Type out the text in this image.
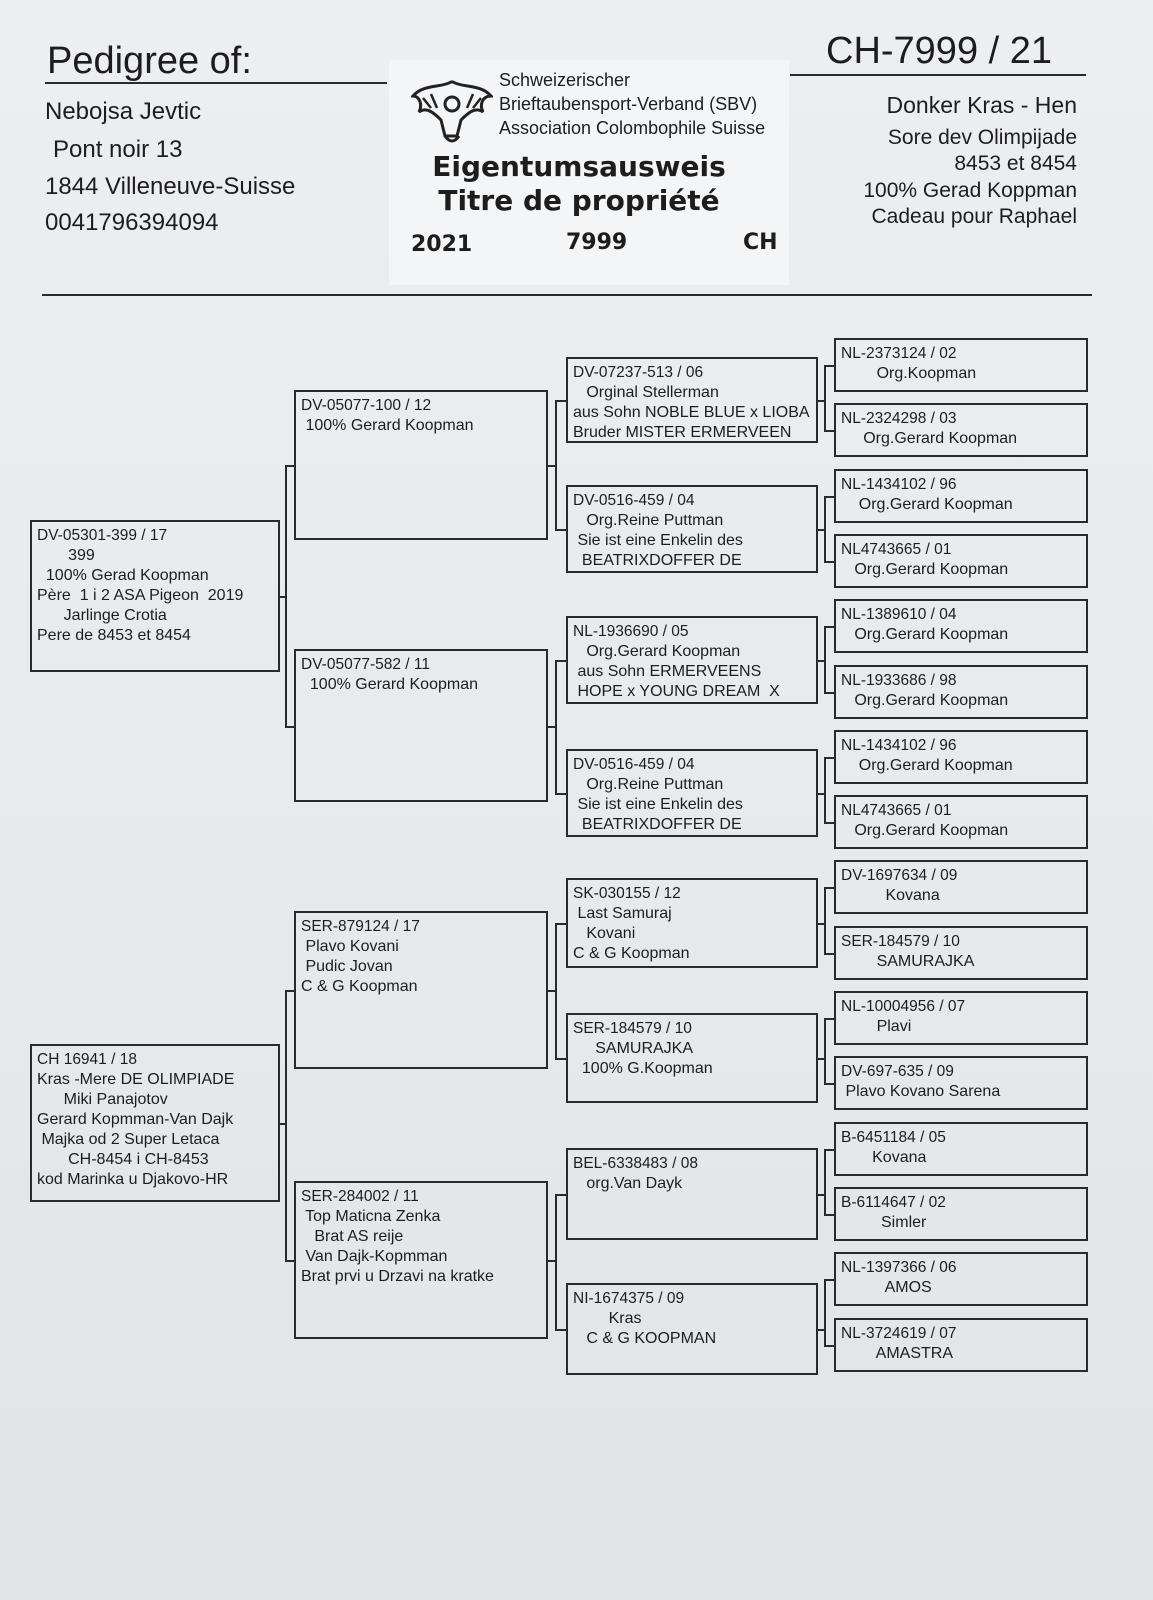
Pedigree of:
Nebojsa Jevtic
Pont noir 13
1844 Villeneuve-Suisse
0041796394094
CH-7999 / 21
Donker Kras - Hen
Sore dev Olimpijade
8453 et 8454
100% Gerad Koppman
Cadeau pour Raphael
Schweizerischer
Brieftaubensport-Verband (SBV)
Association Colombophile Suisse
Eigentumsausweis
Titre de propriété
2021	7999	CH
DV-05301-399 / 17
399
100% Gerad Koopman
Père  1 i 2 ASA Pigeon  2019
Jarlinge Crotia
Pere de 8453 et 8454
CH 16941 / 18
Kras -Mere DE OLIMPIADE
Miki Panajotov
Gerard Kopmman-Van Dajk
Majka od 2 Super Letaca
CH-8454 i CH-8453
kod Marinka u Djakovo-HR
DV-05077-100 / 12
100% Gerard Koopman
DV-05077-582 / 11
100% Gerard Koopman
SER-879124 / 17
Plavo Kovani
Pudic Jovan
C & G Koopman
SER-284002 / 11
Top Maticna Zenka
Brat AS reije
Van Dajk-Kopmman
Brat prvi u Drzavi na kratke
DV-07237-513 / 06
Orginal Stellerman
aus Sohn NOBLE BLUE x LIOBA
Bruder MISTER ERMERVEEN
DV-0516-459 / 04
Org.Reine Puttman
Sie ist eine Enkelin des
BEATRIXDOFFER DE
NL-1936690 / 05
Org.Gerard Koopman
aus Sohn ERMERVEENS
HOPE x YOUNG DREAM  X
DV-0516-459 / 04
Org.Reine Puttman
Sie ist eine Enkelin des
BEATRIXDOFFER DE
SK-030155 / 12
Last Samuraj
Kovani
C & G Koopman
SER-184579 / 10
SAMURAJKA
100% G.Koopman
BEL-6338483 / 08
org.Van Dayk
NI-1674375 / 09
Kras
C & G KOOPMAN
NL-2373124 / 02
Org.Koopman
NL-2324298 / 03
Org.Gerard Koopman
NL-1434102 / 96
Org.Gerard Koopman
NL4743665 / 01
Org.Gerard Koopman
NL-1389610 / 04
Org.Gerard Koopman
NL-1933686 / 98
Org.Gerard Koopman
NL-1434102 / 96
Org.Gerard Koopman
NL4743665 / 01
Org.Gerard Koopman
DV-1697634 / 09
Kovana
SER-184579 / 10
SAMURAJKA
NL-10004956 / 07
Plavi
DV-697-635 / 09
Plavo Kovano Sarena
B-6451184 / 05
Kovana
B-6114647 / 02
Simler
NL-1397366 / 06
AMOS
NL-3724619 / 07
AMASTRA
